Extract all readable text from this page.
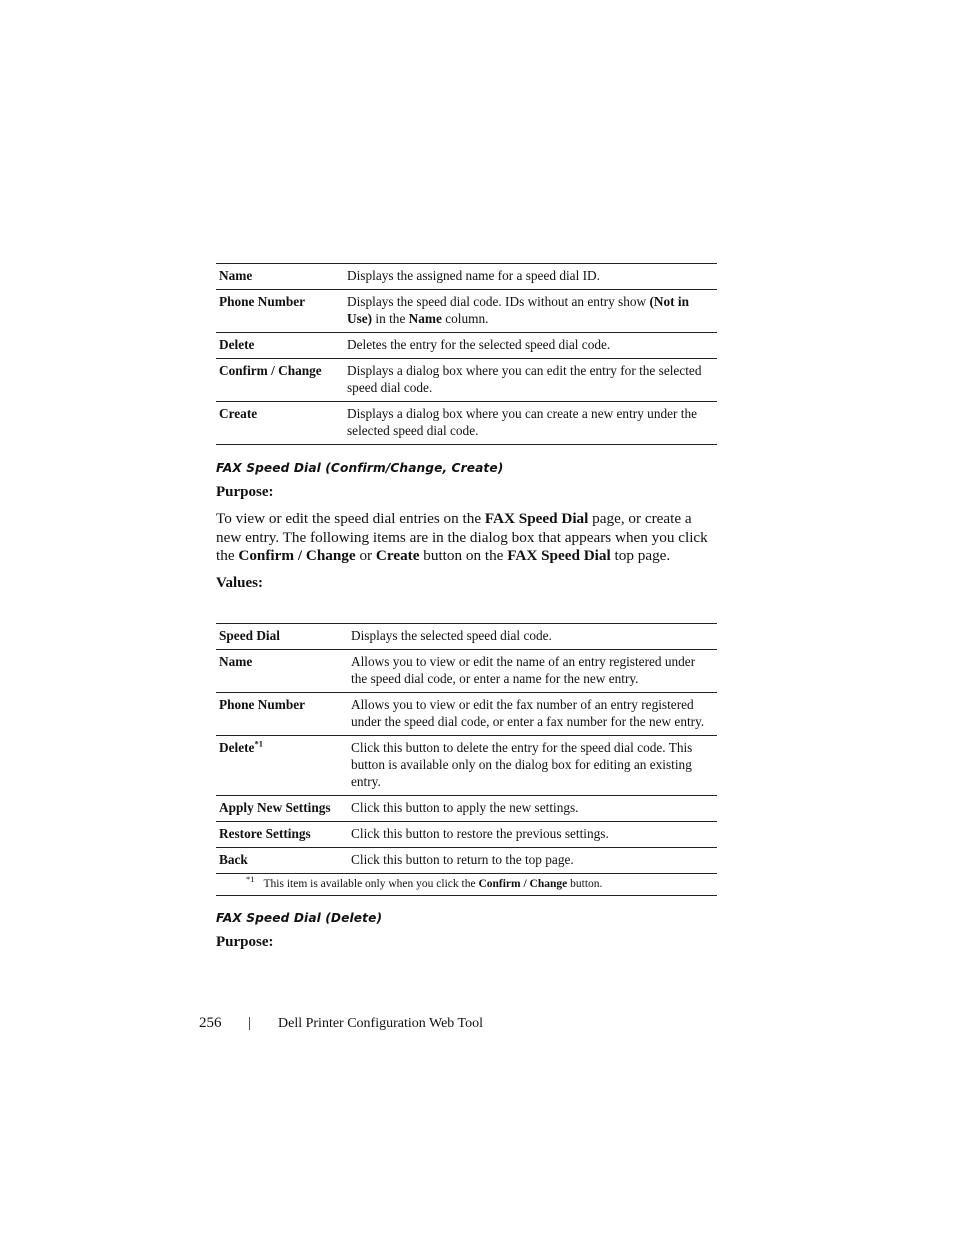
Name	Displays the assigned name for a speed dial ID.
Phone Number	Displays the speed dial code. IDs without an entry show (Not in Use) in the Name column.
Delete	Deletes the entry for the selected speed dial code.
Confirm / Change	Displays a dialog box where you can edit the entry for the selected speed dial code.
Create	Displays a dialog box where you can create a new entry under the selected speed dial code.
FAX Speed Dial (Confirm/Change, Create)
Purpose:

To view or edit the speed dial entries on the FAX Speed Dial page, or create a new entry. The following items are in the dialog box that appears when you click the Confirm / Change or Create button on the FAX Speed Dial top page.

Values:
Speed Dial	Displays the selected speed dial code.
Name	Allows you to view or edit the name of an entry registered under the speed dial code, or enter a name for the new entry.
Phone Number	Allows you to view or edit the fax number of an entry registered under the speed dial code, or enter a fax number for the new entry.
Delete$^{*1}$	Click this button to delete the entry for the speed dial code. This button is available only on the dialog box for editing an existing entry.
Apply New Settings	Click this button to apply the new settings.
Restore Settings	Click this button to restore the previous settings.
Back	Click this button to return to the top page.
$^{*1}$ This item is available only when you click the Confirm / Change button.	
FAX Speed Dial (Delete)
Purpose:
256 | Dell Printer Configuration Web Tool
